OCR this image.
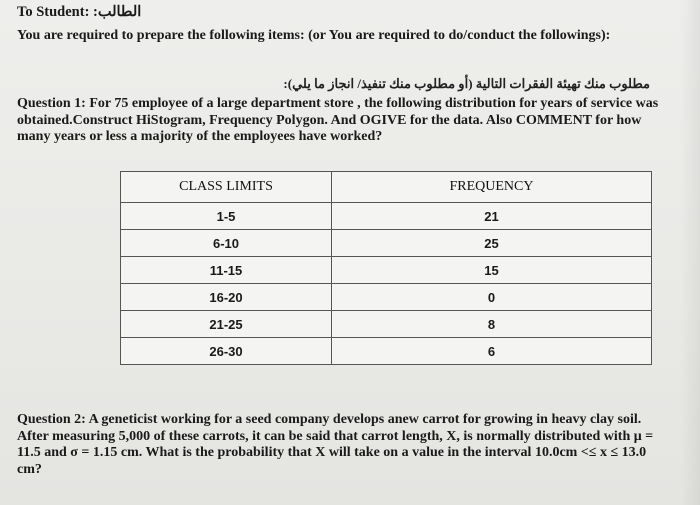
To Student: :الطالب
You are required to prepare the following items: (or You are required to do/conduct the followings):
مطلوب منك تهيئة الفقرات التالية (أو مطلوب منك تنفيذ/ انجاز ما يلي):
Question 1: For 75 employee of a large department store , the following distribution for years of service was obtained.Construct HiStogram, Frequency Polygon. And OGIVE for the data. Also COMMENT for how many years or less a majority of the employees have worked?
CLASS LIMITS	FREQUENCY
1-5	21
6-10	25
11-15	15
16-20	0
21-25	8
26-30	6
Question 2: A geneticist working for a seed company develops anew carrot for growing in heavy clay soil. After measuring 5,000 of these carrots, it can be said that carrot length, X, is normally distributed with μ = 11.5 and σ = 1.15 cm. What is the probability that X will take on a value in the interval 10.0cm <≤ x ≤ 13.0 cm?
